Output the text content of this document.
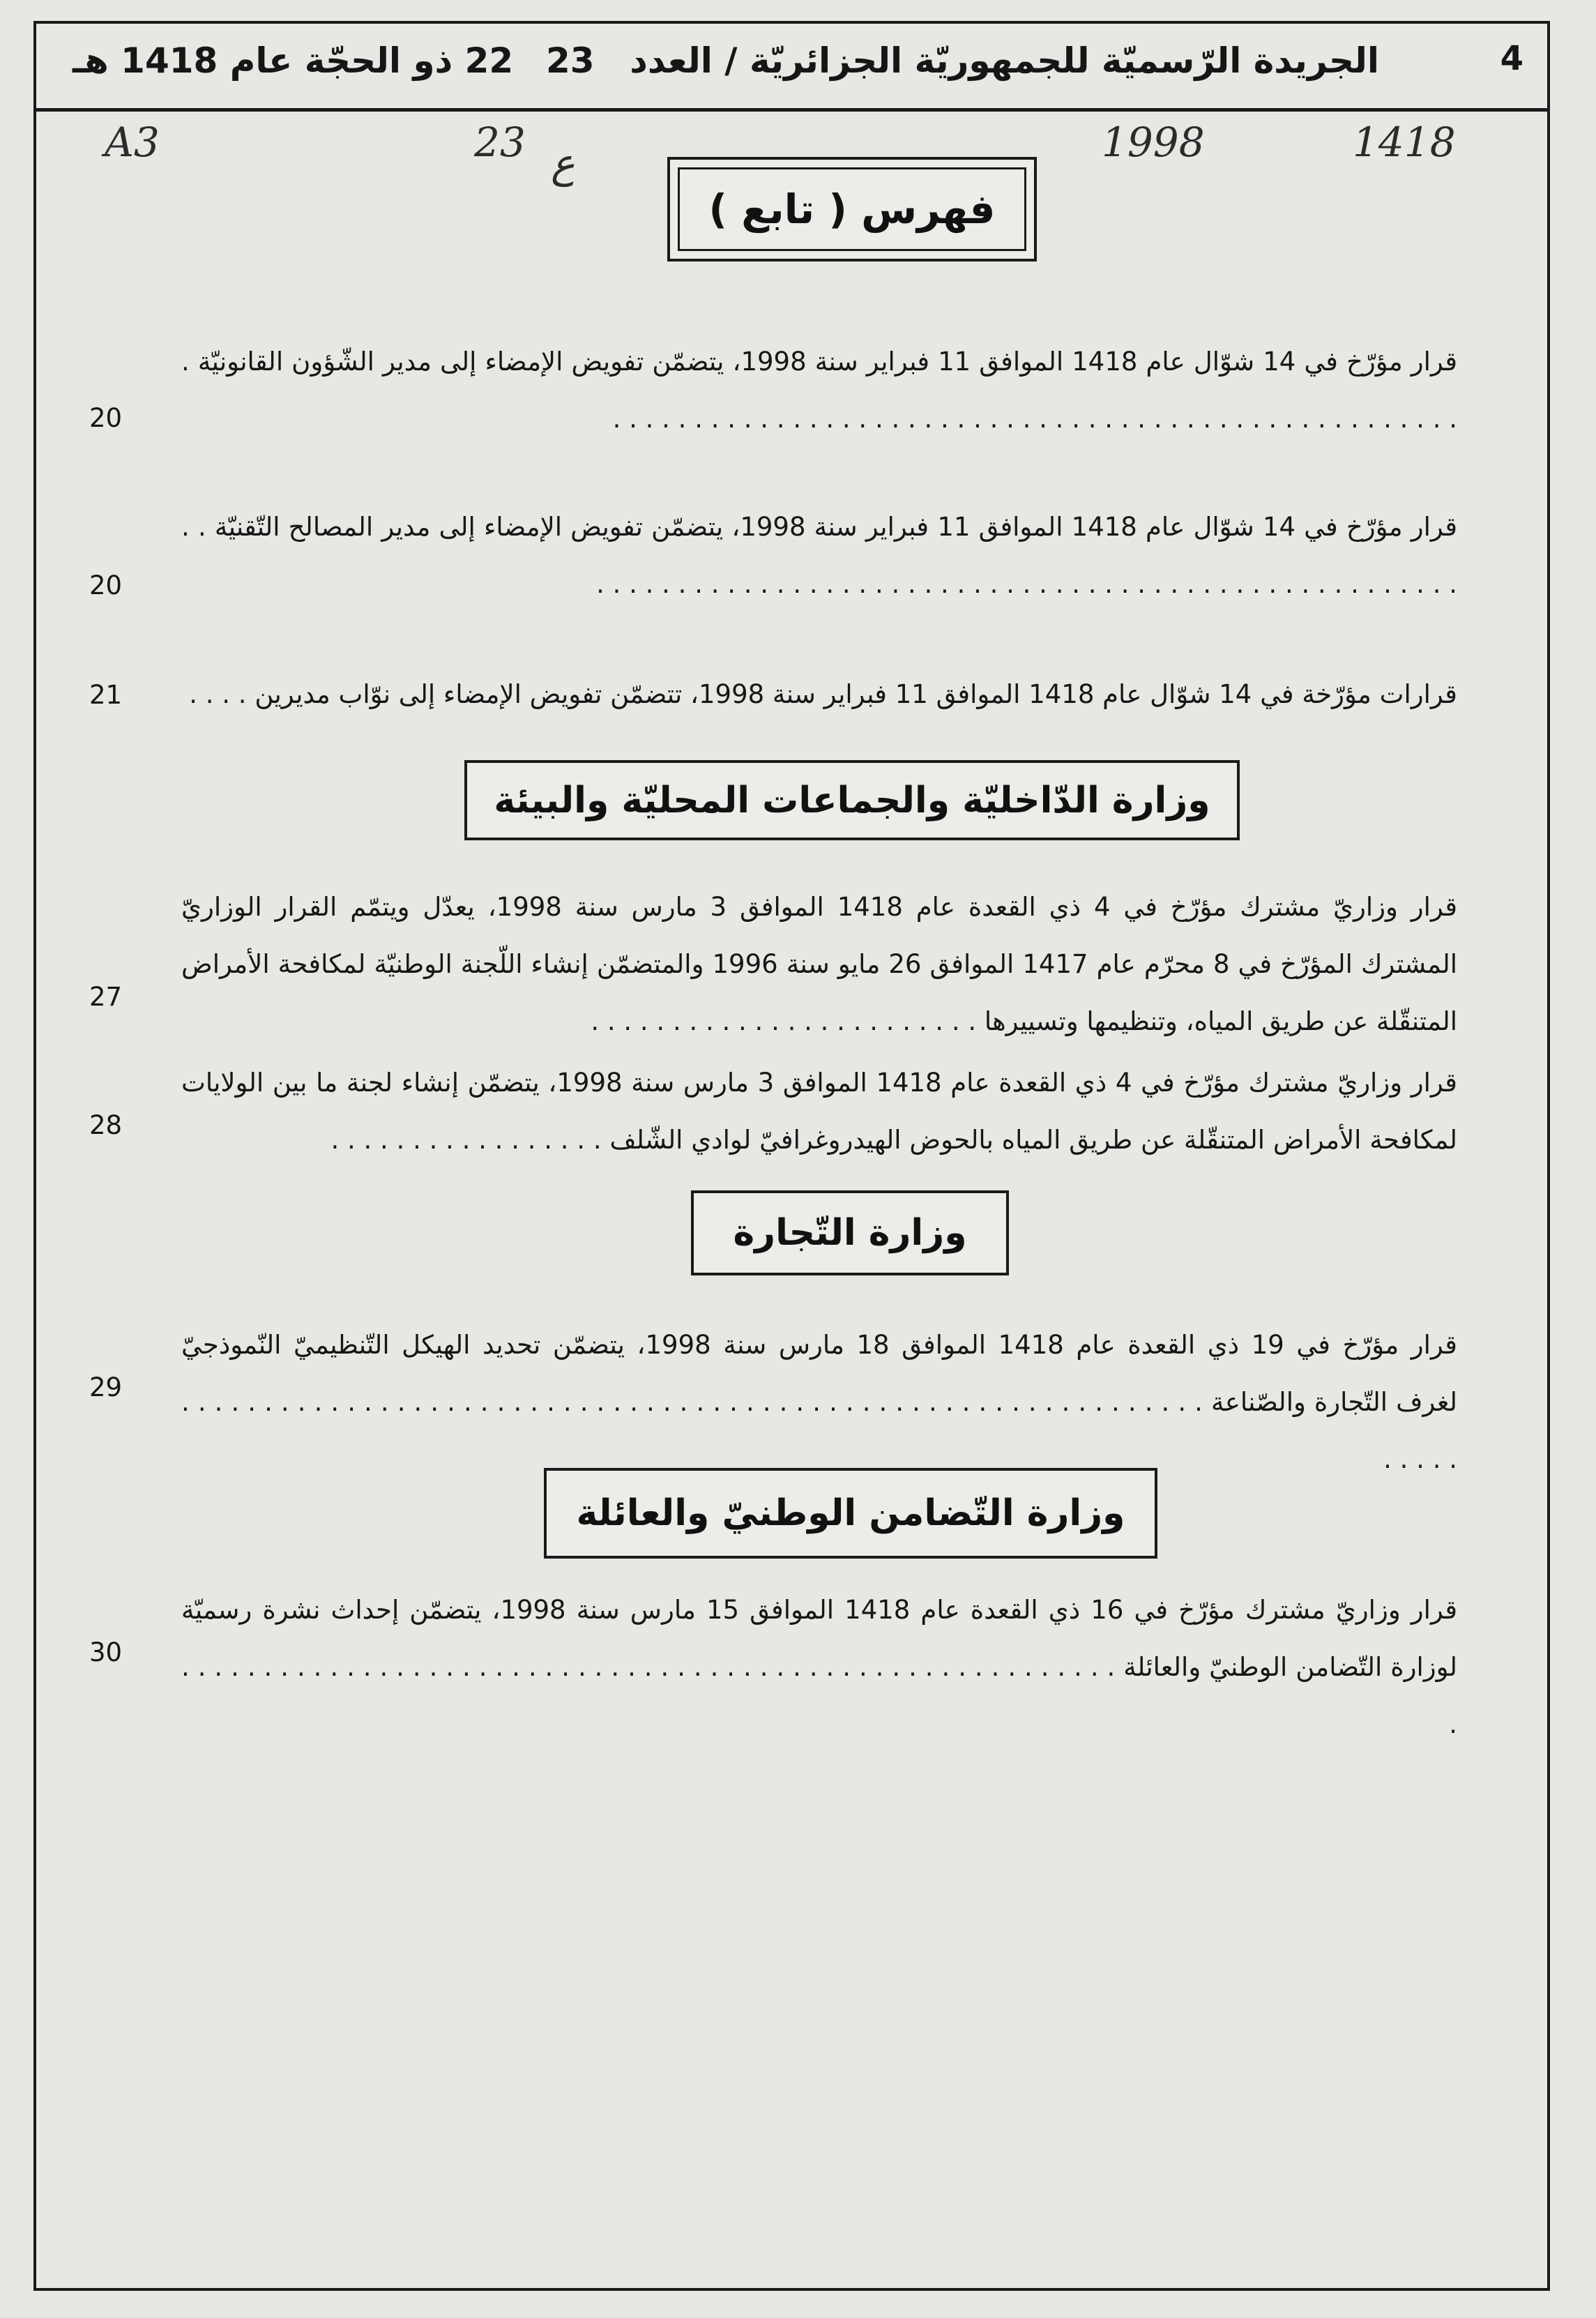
4
الجريدة الرّسميّة للجمهوريّة الجزائريّة / العدد
23
22 ذو الحجّة عام 1418 هـ
A3	23 ع	1998	1418
فهرس ( تابع )
قرار مؤرّخ في 14 شوّال عام 1418 الموافق 11 فبراير سنة 1998، يتضمّن تفويض الإمضاء إلى مدير الشّؤون القانونيّة . . . . . . . . . . . . . . . . . . . . . . . . . . . . . . . . . . . . . . . . . . . . . . . . . . . . .
20
قرار مؤرّخ في 14 شوّال عام 1418 الموافق 11 فبراير سنة 1998، يتضمّن تفويض الإمضاء إلى مدير المصالح التّقنيّة . . . . . . . . . . . . . . . . . . . . . . . . . . . . . . . . . . . . . . . . . . . . . . . . . . . . . . .
20
قرارات مؤرّخة في 14 شوّال عام 1418 الموافق 11 فبراير سنة 1998، تتضمّن تفويض الإمضاء إلى نوّاب مديرين . . . .
21
وزارة الدّاخليّة والجماعات المحليّة والبيئة
قرار وزاريّ مشترك مؤرّخ في 4 ذي القعدة عام 1418 الموافق 3 مارس سنة 1998، يعدّل ويتمّم القرار الوزاريّ المشترك المؤرّخ في 8 محرّم عام 1417 الموافق 26 مايو سنة 1996 والمتضمّن إنشاء اللّجنة الوطنيّة لمكافحة الأمراض المتنقّلة عن طريق المياه، وتنظيمها وتسييرها . . . . . . . . . . . . . . . . . . . . . . . .
27
قرار وزاريّ مشترك مؤرّخ في 4 ذي القعدة عام 1418 الموافق 3 مارس سنة 1998، يتضمّن إنشاء لجنة ما بين الولايات لمكافحة الأمراض المتنقّلة عن طريق المياه بالحوض الهيدروغرافيّ لوادي الشّلف . . . . . . . . . . . . . . . . .
28
وزارة التّجارة
قرار مؤرّخ في 19 ذي القعدة عام 1418 الموافق 18 مارس سنة 1998، يتضمّن تحديد الهيكل التّنظيميّ النّموذجيّ لغرف التّجارة والصّناعة . . . . . . . . . . . . . . . . . . . . . . . . . . . . . . . . . . . . . . . . . . . . . . . . . . . . . . . . . . . . . . . . . . .
29
وزارة التّضامن الوطنيّ والعائلة
قرار وزاريّ مشترك مؤرّخ في 16 ذي القعدة عام 1418 الموافق 15 مارس سنة 1998، يتضمّن إحداث نشرة رسميّة لوزارة التّضامن الوطنيّ والعائلة . . . . . . . . . . . . . . . . . . . . . . . . . . . . . . . . . . . . . . . . . . . . . . . . . . . . . . . . . .
30
